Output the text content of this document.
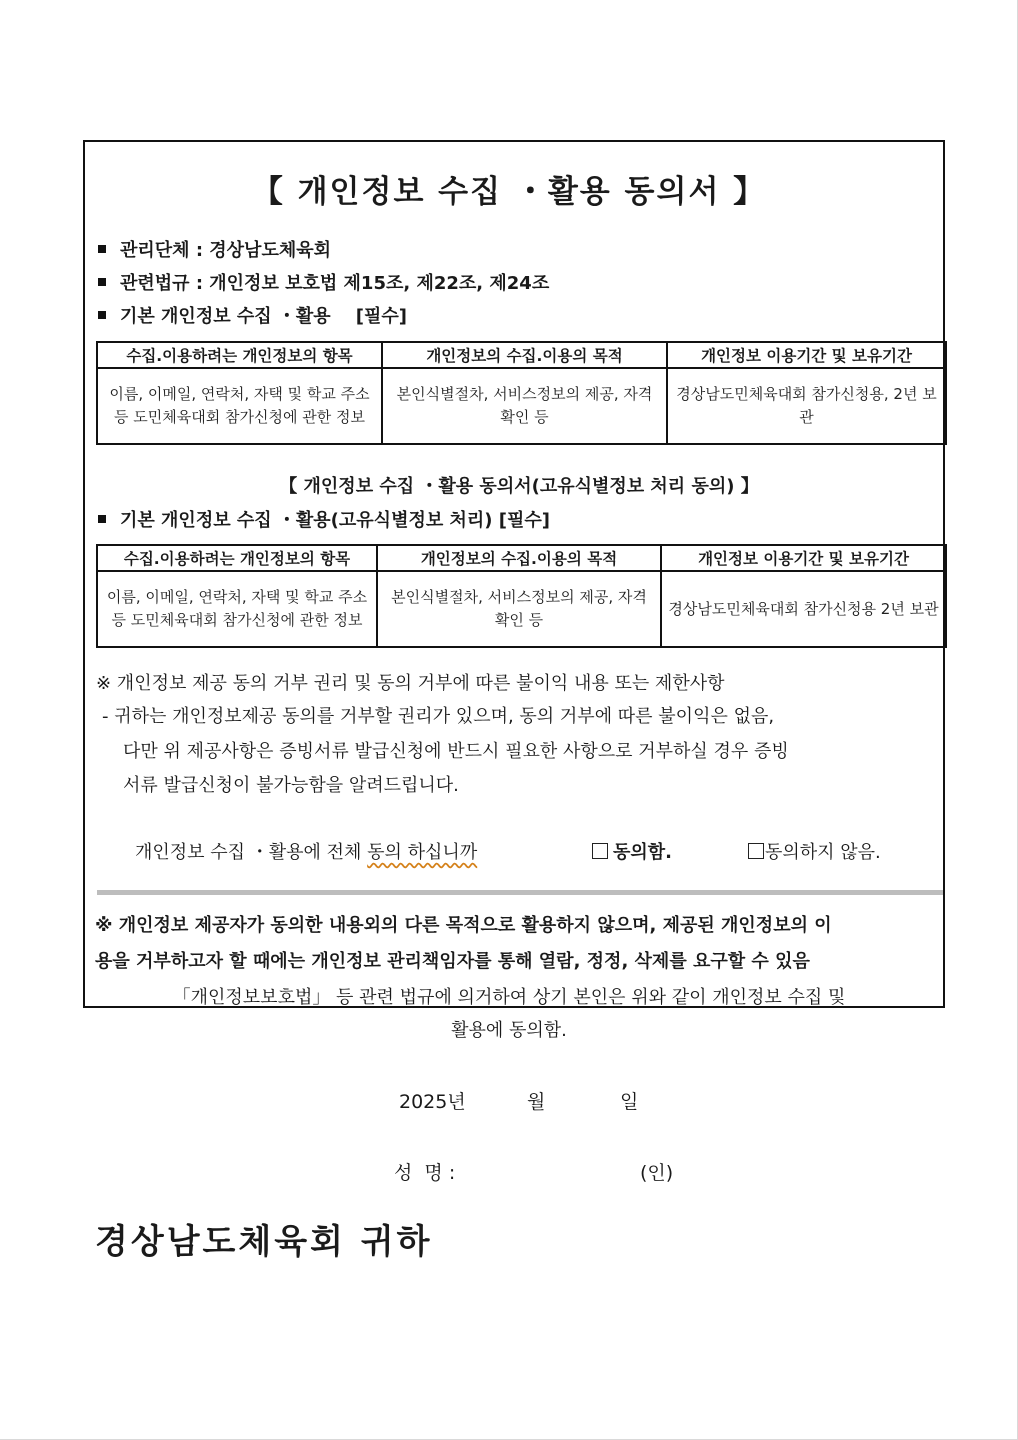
【 개인정보 수집 ・활용 동의서 】
관리단체 : 경상남도체육회
관련법규 : 개인정보 보호법 제15조, 제22조, 제24조
기본 개인정보 수집 ・활용    [필수]
수집.이용하려는 개인정보의 항목	개인정보의 수집.이용의 목적	개인정보 이용기간 및 보유기간
이름, 이메일, 연락처, 자택 및 학교 주소 등 도민체육대회 참가신청에 관한 정보	본인식별절차, 서비스정보의 제공, 자격 확인 등	경상남도민체육대회 참가신청용, 2년 보관
【 개인정보 수집 ・활용 동의서(고유식별정보 처리 동의) 】
기본 개인정보 수집 ・활용(고유식별정보 처리) [필수]
수집.이용하려는 개인정보의 항목	개인정보의 수집.이용의 목적	개인정보 이용기간 및 보유기간
이름, 이메일, 연락처, 자택 및 학교 주소 등 도민체육대회 참가신청에 관한 정보	본인식별절차, 서비스정보의 제공, 자격 확인 등	경상남도민체육대회 참가신청용 2년 보관
※ 개인정보 제공 동의 거부 권리 및 동의 거부에 따른 불이익 내용 또는 제한사항
- 귀하는 개인정보제공 동의를 거부할 권리가 있으며, 동의 거부에 따른 불이익은 없음,
다만 위 제공사항은 증빙서류 발급신청에 반드시 필요한 사항으로 거부하실 경우 증빙
서류 발급신청이 불가능함을 알려드립니다.
개인정보 수집 ・활용에 전체 동의 하십니까	동의함.	동의하지 않음.
※ 개인정보 제공자가 동의한 내용외의 다른 목적으로 활용하지 않으며, 제공된 개인정보의 이
용을 거부하고자 할 때에는 개인정보 관리책임자를 통해 열람, 정정, 삭제를 요구할 수 있음
「개인정보보호법」 등 관련 법규에 의거하여 상기 본인은 위와 같이 개인정보 수집 및
활용에 동의함.
2025년	월	일
성  명 :	(인)
경상남도체육회 귀하
